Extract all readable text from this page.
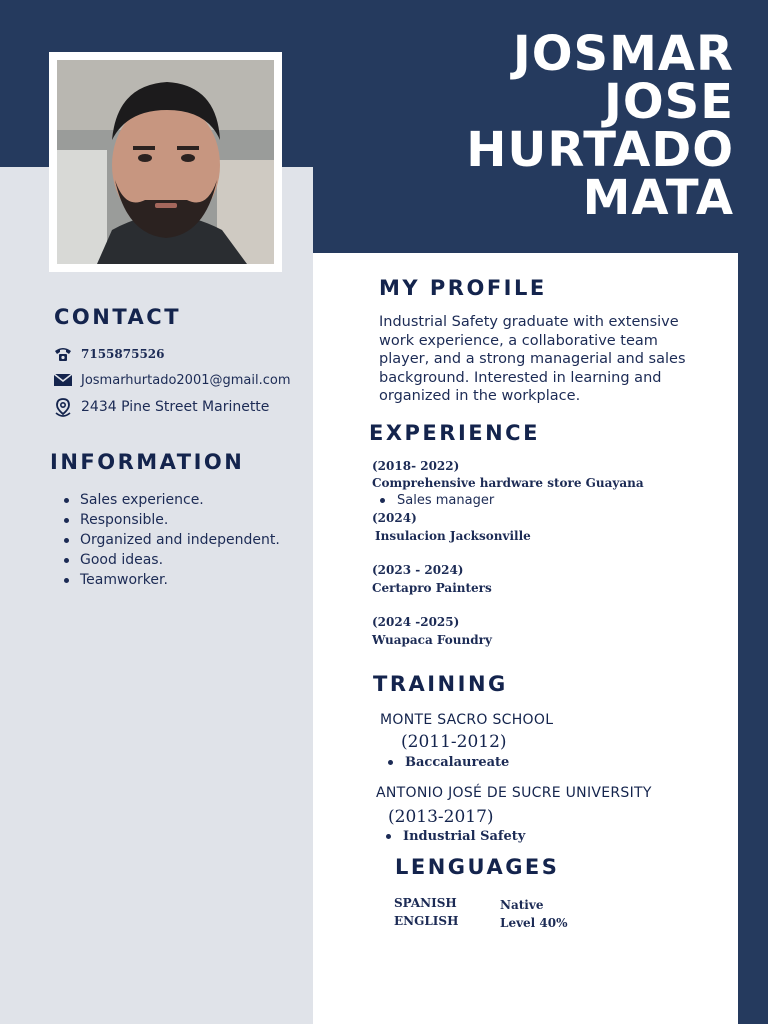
JOSMAR
JOSE
HURTADO
MATA
CONTACT
7155875526
Josmarhurtado2001@gmail.com
2434 Pine Street Marinette
INFORMATION
Sales experience.
Responsible.
Organized and independent.
Good ideas.
Teamworker.
MY PROFILE
Industrial Safety graduate with extensive
work experience, a collaborative team
player, and a strong managerial and sales
background. Interested in learning and
organized in the workplace.
EXPERIENCE
(2018- 2022)
Comprehensive hardware store Guayana
Sales manager
(2024)
Insulacion Jacksonville
(2023 - 2024)
Certapro Painters
(2024 -2025)
Wuapaca Foundry
TRAINING
MONTE SACRO SCHOOL
(2011-2012)
Baccalaureate
ANTONIO JOSÉ DE SUCRE UNIVERSITY
(2013-2017)
Industrial Safety
LENGUAGES
SPANISH
ENGLISH
Native
Level 40%
